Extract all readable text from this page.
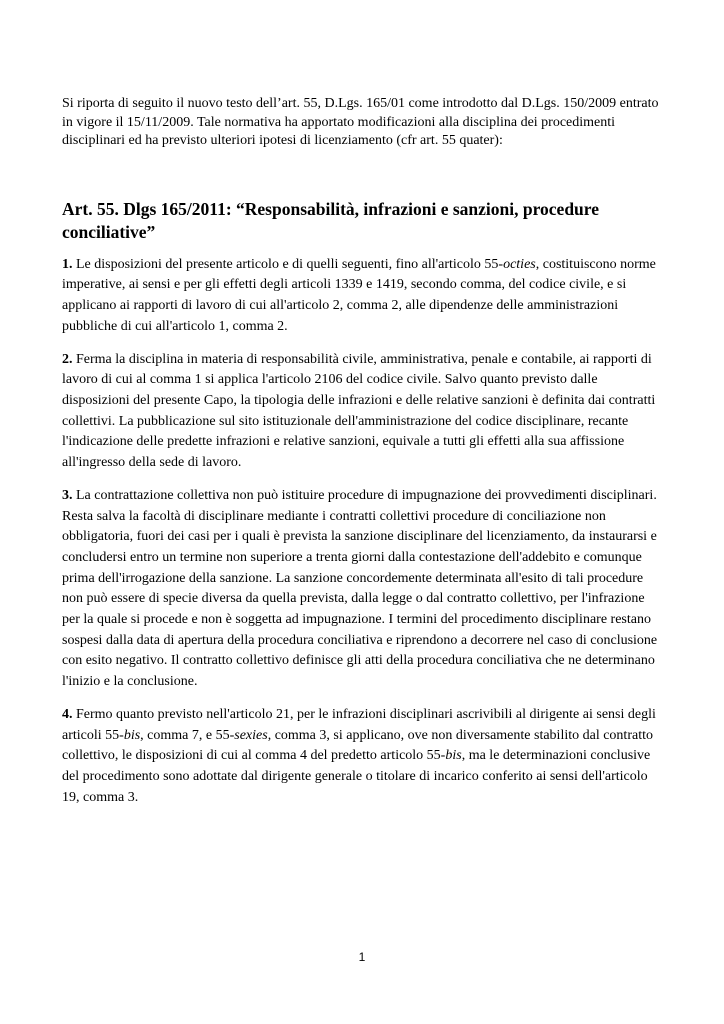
Si riporta di seguito il nuovo testo dell’art. 55, D.Lgs. 165/01 come introdotto dal D.Lgs. 150/2009 entrato in vigore il 15/11/2009. Tale normativa ha apportato modificazioni alla disciplina dei procedimenti disciplinari ed ha previsto ulteriori ipotesi di licenziamento (cfr art. 55 quater):

Art. 55. Dlgs 165/2011: “Responsabilità, infrazioni e sanzioni, procedure conciliative”

1. Le disposizioni del presente articolo e di quelli seguenti, fino all'articolo 55-octies, costituiscono norme imperative, ai sensi e per gli effetti degli articoli 1339 e 1419, secondo comma, del codice civile, e si applicano ai rapporti di lavoro di cui all'articolo 2, comma 2, alle dipendenze delle amministrazioni pubbliche di cui all'articolo 1, comma 2.

2. Ferma la disciplina in materia di responsabilità civile, amministrativa, penale e contabile, ai rapporti di lavoro di cui al comma 1 si applica l'articolo 2106 del codice civile. Salvo quanto previsto dalle disposizioni del presente Capo, la tipologia delle infrazioni e delle relative sanzioni è definita dai contratti collettivi. La pubblicazione sul sito istituzionale dell'amministrazione del codice disciplinare, recante l'indicazione delle predette infrazioni e relative sanzioni, equivale a tutti gli effetti alla sua affissione all'ingresso della sede di lavoro.

3. La contrattazione collettiva non può istituire procedure di impugnazione dei provvedimenti disciplinari. Resta salva la facoltà di disciplinare mediante i contratti collettivi procedure di conciliazione non obbligatoria, fuori dei casi per i quali è prevista la sanzione disciplinare del licenziamento, da instaurarsi e concludersi entro un termine non superiore a trenta giorni dalla contestazione dell'addebito e comunque prima dell'irrogazione della sanzione. La sanzione concordemente determinata all'esito di tali procedure non può essere di specie diversa da quella prevista, dalla legge o dal contratto collettivo, per l'infrazione per la quale si procede e non è soggetta ad impugnazione. I termini del procedimento disciplinare restano sospesi dalla data di apertura della procedura conciliativa e riprendono a decorrere nel caso di conclusione con esito negativo. Il contratto collettivo definisce gli atti della procedura conciliativa che ne determinano l'inizio e la conclusione.

4. Fermo quanto previsto nell'articolo 21, per le infrazioni disciplinari ascrivibili al dirigente ai sensi degli articoli 55-bis, comma 7, e 55-sexies, comma 3, si applicano, ove non diversamente stabilito dal contratto collettivo, le disposizioni di cui al comma 4 del predetto articolo 55-bis, ma le determinazioni conclusive del procedimento sono adottate dal dirigente generale o titolare di incarico conferito ai sensi dell'articolo 19, comma 3.

1
